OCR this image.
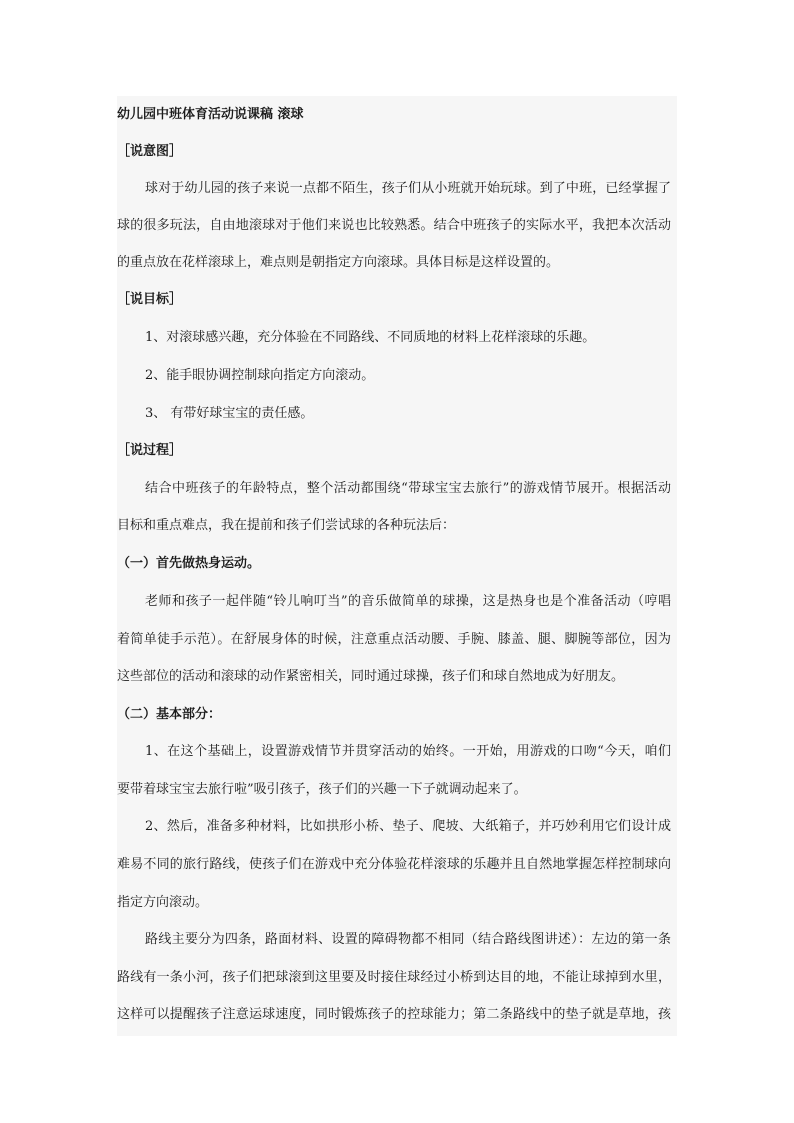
幼儿园中班体育活动说课稿 滚球

［说意图］

球对于幼儿园的孩子来说一点都不陌生，孩子们从小班就开始玩球。到了中班，已经掌握了

球的很多玩法，自由地滚球对于他们来说也比较熟悉。结合中班孩子的实际水平，我把本次活动

的重点放在花样滚球上，难点则是朝指定方向滚球。具体目标是这样设置的。

［说目标］

1、对滚球感兴趣，充分体验在不同路线、不同质地的材料上花样滚球的乐趣。

2、能手眼协调控制球向指定方向滚动。

3、 有带好球宝宝的责任感。

［说过程］

结合中班孩子的年龄特点，整个活动都围绕“带球宝宝去旅行”的游戏情节展开。根据活动

目标和重点难点，我在提前和孩子们尝试球的各种玩法后：

（一）首先做热身运动。

老师和孩子一起伴随“铃儿响叮当”的音乐做简单的球操，这是热身也是个准备活动（哼唱

着简单徒手示范）。在舒展身体的时候，注意重点活动腰、手腕、膝盖、腿、脚腕等部位，因为

这些部位的活动和滚球的动作紧密相关，同时通过球操，孩子们和球自然地成为好朋友。

（二）基本部分：

1、在这个基础上，设置游戏情节并贯穿活动的始终。一开始，用游戏的口吻“今天，咱们

要带着球宝宝去旅行啦”吸引孩子，孩子们的兴趣一下子就调动起来了。

2、然后，准备多种材料，比如拱形小桥、垫子、爬坡、大纸箱子，并巧妙利用它们设计成

难易不同的旅行路线，使孩子们在游戏中充分体验花样滚球的乐趣并且自然地掌握怎样控制球向

指定方向滚动。

路线主要分为四条，路面材料、设置的障碍物都不相同（结合路线图讲述）：左边的第一条

路线有一条小河，孩子们把球滚到这里要及时接住球经过小桥到达目的地，不能让球掉到水里，

这样可以提醒孩子注意运球速度，同时锻炼孩子的控球能力；第二条路线中的垫子就是草地，孩
